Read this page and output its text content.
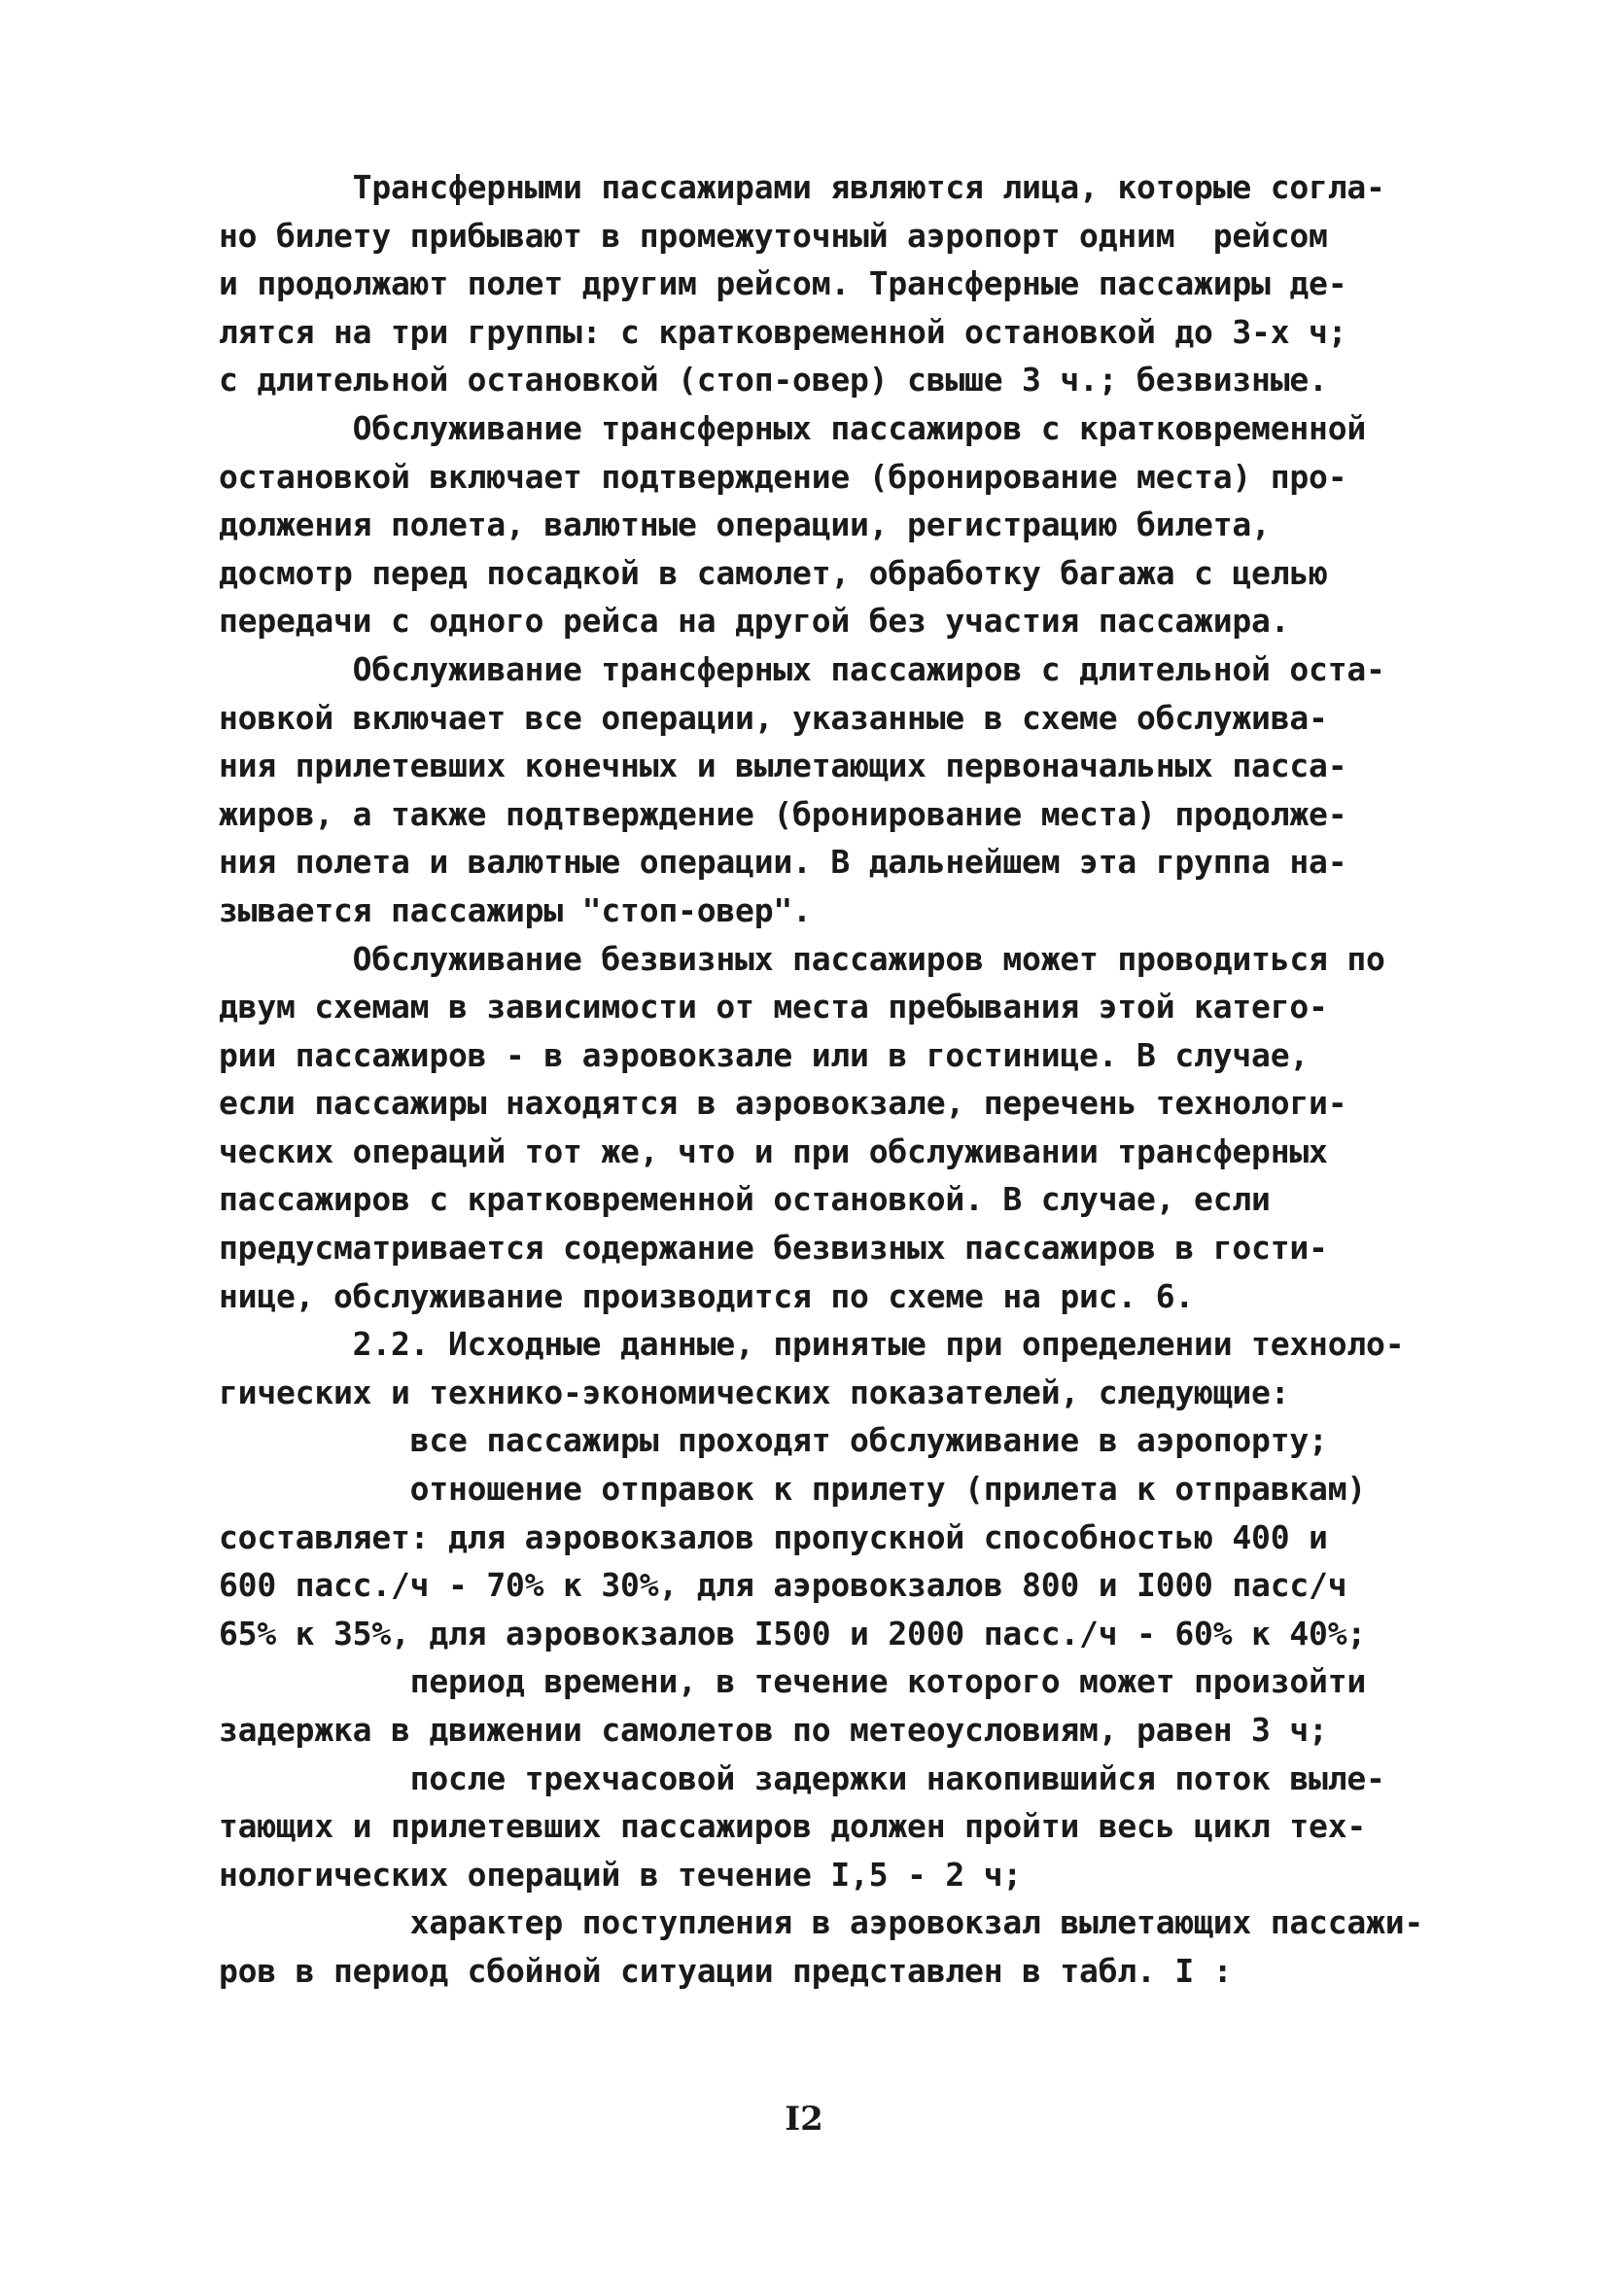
Трансферными пассажирами являются лица, которые согла-
но билету прибывают в промежуточный аэропорт одним  рейсом
и продолжают полет другим рейсом. Трансферные пассажиры де-
лятся на три группы: с кратковременной остановкой до 3-х ч;
с длительной остановкой (стоп-овер) свыше 3 ч.; безвизные.
Обслуживание трансферных пассажиров с кратковременной
остановкой включает подтверждение (бронирование места) про-
должения полета, валютные операции, регистрацию билета,
досмотр перед посадкой в самолет, обработку багажа с целью
передачи с одного рейса на другой без участия пассажира.
Обслуживание трансферных пассажиров с длительной оста-
новкой включает все операции, указанные в схеме обслужива-
ния прилетевших конечных и вылетающих первоначальных пасса-
жиров, а также подтверждение (бронирование места) продолже-
ния полета и валютные операции. В дальнейшем эта группа на-
зывается пассажиры "стоп-овер".
Обслуживание безвизных пассажиров может проводиться по
двум схемам в зависимости от места пребывания этой катего-
рии пассажиров - в аэровокзале или в гостинице. В случае,
если пассажиры находятся в аэровокзале, перечень технологи-
ческих операций тот же, что и при обслуживании трансферных
пассажиров с кратковременной остановкой. В случае, если
предусматривается содержание безвизных пассажиров в гости-
нице, обслуживание производится по схеме на рис. 6.
2.2. Исходные данные, принятые при определении техноло-
гических и технико-экономических показателей, следующие:
все пассажиры проходят обслуживание в аэропорту;
отношение отправок к прилету (прилета к отправкам)
составляет: для аэровокзалов пропускной способностью 400 и
600 пасс./ч - 70% к 30%, для аэровокзалов 800 и I000 пасс/ч
65% к 35%, для аэровокзалов I500 и 2000 пасс./ч - 60% к 40%;
период времени, в течение которого может произойти
задержка в движении самолетов по метеоусловиям, равен 3 ч;
после трехчасовой задержки накопившийся поток выле-
тающих и прилетевших пассажиров должен пройти весь цикл тех-
нологических операций в течение I,5 - 2 ч;
характер поступления в аэровокзал вылетающих пассажи-
ров в период сбойной ситуации представлен в табл. I :
I2
